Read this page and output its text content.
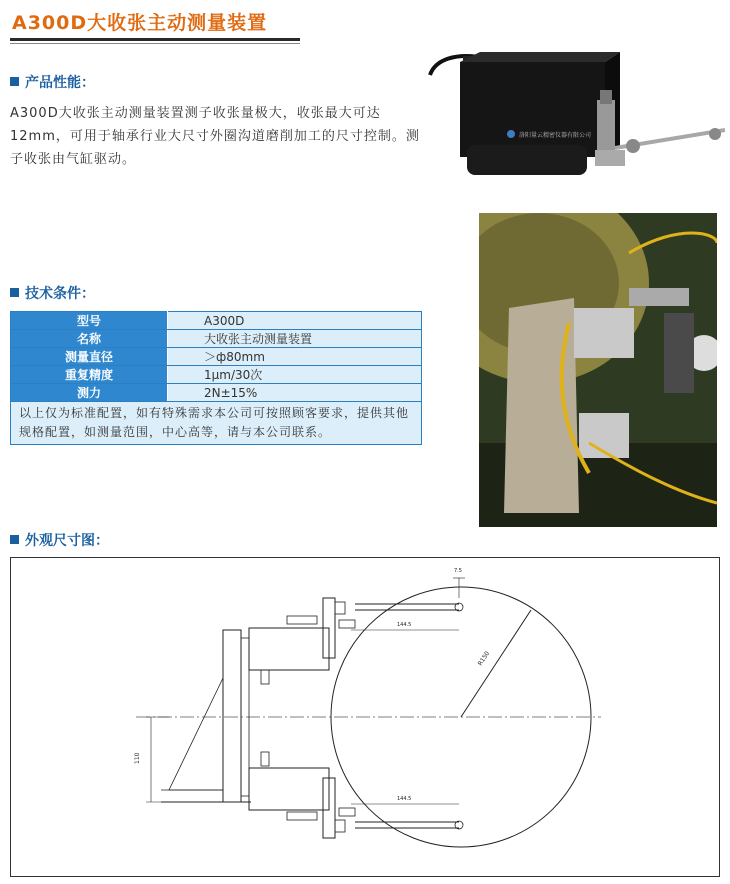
A300D大收张主动测量装置
产品性能：
A300D大收张主动测量装置测子收张量极大，收张最大可达12mm，可用于轴承行业大尺寸外圈沟道磨削加工的尺寸控制。测子收张由气缸驱动。
洛阳量云精密仪器有限公司
技术条件：
型号	A300D
名称	大收张主动测量装置
测量直径	＞ф80mm
重复精度	1μm/30次
测力	2N±15%
以上仅为标准配置，如有特殊需求本公司可按照顾客要求，提供其他规格配置，如测量范围，中心高等，请与本公司联系。	
外观尺寸图：
R150
110
7.5
144.5
144.5
